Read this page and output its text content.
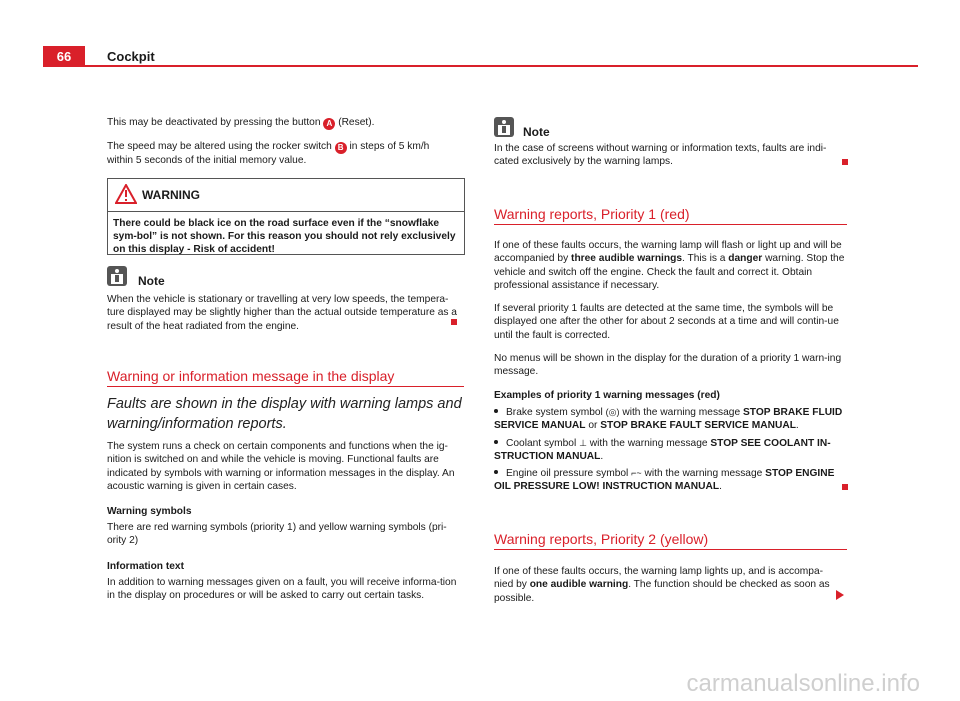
66	Cockpit

This may be deactivated by pressing the button A (Reset).

The speed may be altered using the rocker switch B in steps of 5 km/h
within 5 seconds of the initial memory value.

WARNING
There could be black ice on the road surface even if the “snowflake sym-bol” is not shown. For this reason you should not rely exclusively on this display - Risk of accident!
Note

When the vehicle is stationary or travelling at very low speeds, the tempera-ture displayed may be slightly higher than the actual outside temperature as a result of the heat radiated from the engine.

Warning or information message in the display
Faults are shown in the display with warning lamps and warning/information reports.

The system runs a check on certain components and functions when the ig-nition is switched on and while the vehicle is moving. Functional faults are indicated by symbols with warning or information messages in the display. An acoustic warning is given in certain cases.

Warning symbols

There are red warning symbols (priority 1) and yellow warning symbols (pri-ority 2)

Information text

In addition to warning messages given on a fault, you will receive informa-tion in the display on procedures or will be asked to carry out certain tasks.

Note

In the case of screens without warning or information texts, faults are indi-cated exclusively by the warning lamps.

Warning reports, Priority 1 (red)

If one of these faults occurs, the warning lamp will flash or light up and will be accompanied by three audible warnings. This is a danger warning. Stop the vehicle and switch off the engine. Check the fault and correct it. Obtain professional assistance if necessary.

If several priority 1 faults are detected at the same time, the symbols will be displayed one after the other for about 2 seconds at a time and will contin-ue until the fault is corrected.

No menus will be shown in the display for the duration of a priority 1 warn-ing message.

Examples of priority 1 warning messages (red)

Brake system symbol (◎) with the warning message STOP BRAKE FLUID SERVICE MANUAL or STOP BRAKE FAULT SERVICE MANUAL.

Coolant symbol ⊥ with the warning message STOP SEE COOLANT IN-STRUCTION MANUAL.

Engine oil pressure symbol ⌐~ with the warning message STOP ENGINE OIL PRESSURE LOW! INSTRUCTION MANUAL.

Warning reports, Priority 2 (yellow)

If one of these faults occurs, the warning lamp lights up, and is accompa-nied by one audible warning. The function should be checked as soon as possible.

carmanualsonline.info
